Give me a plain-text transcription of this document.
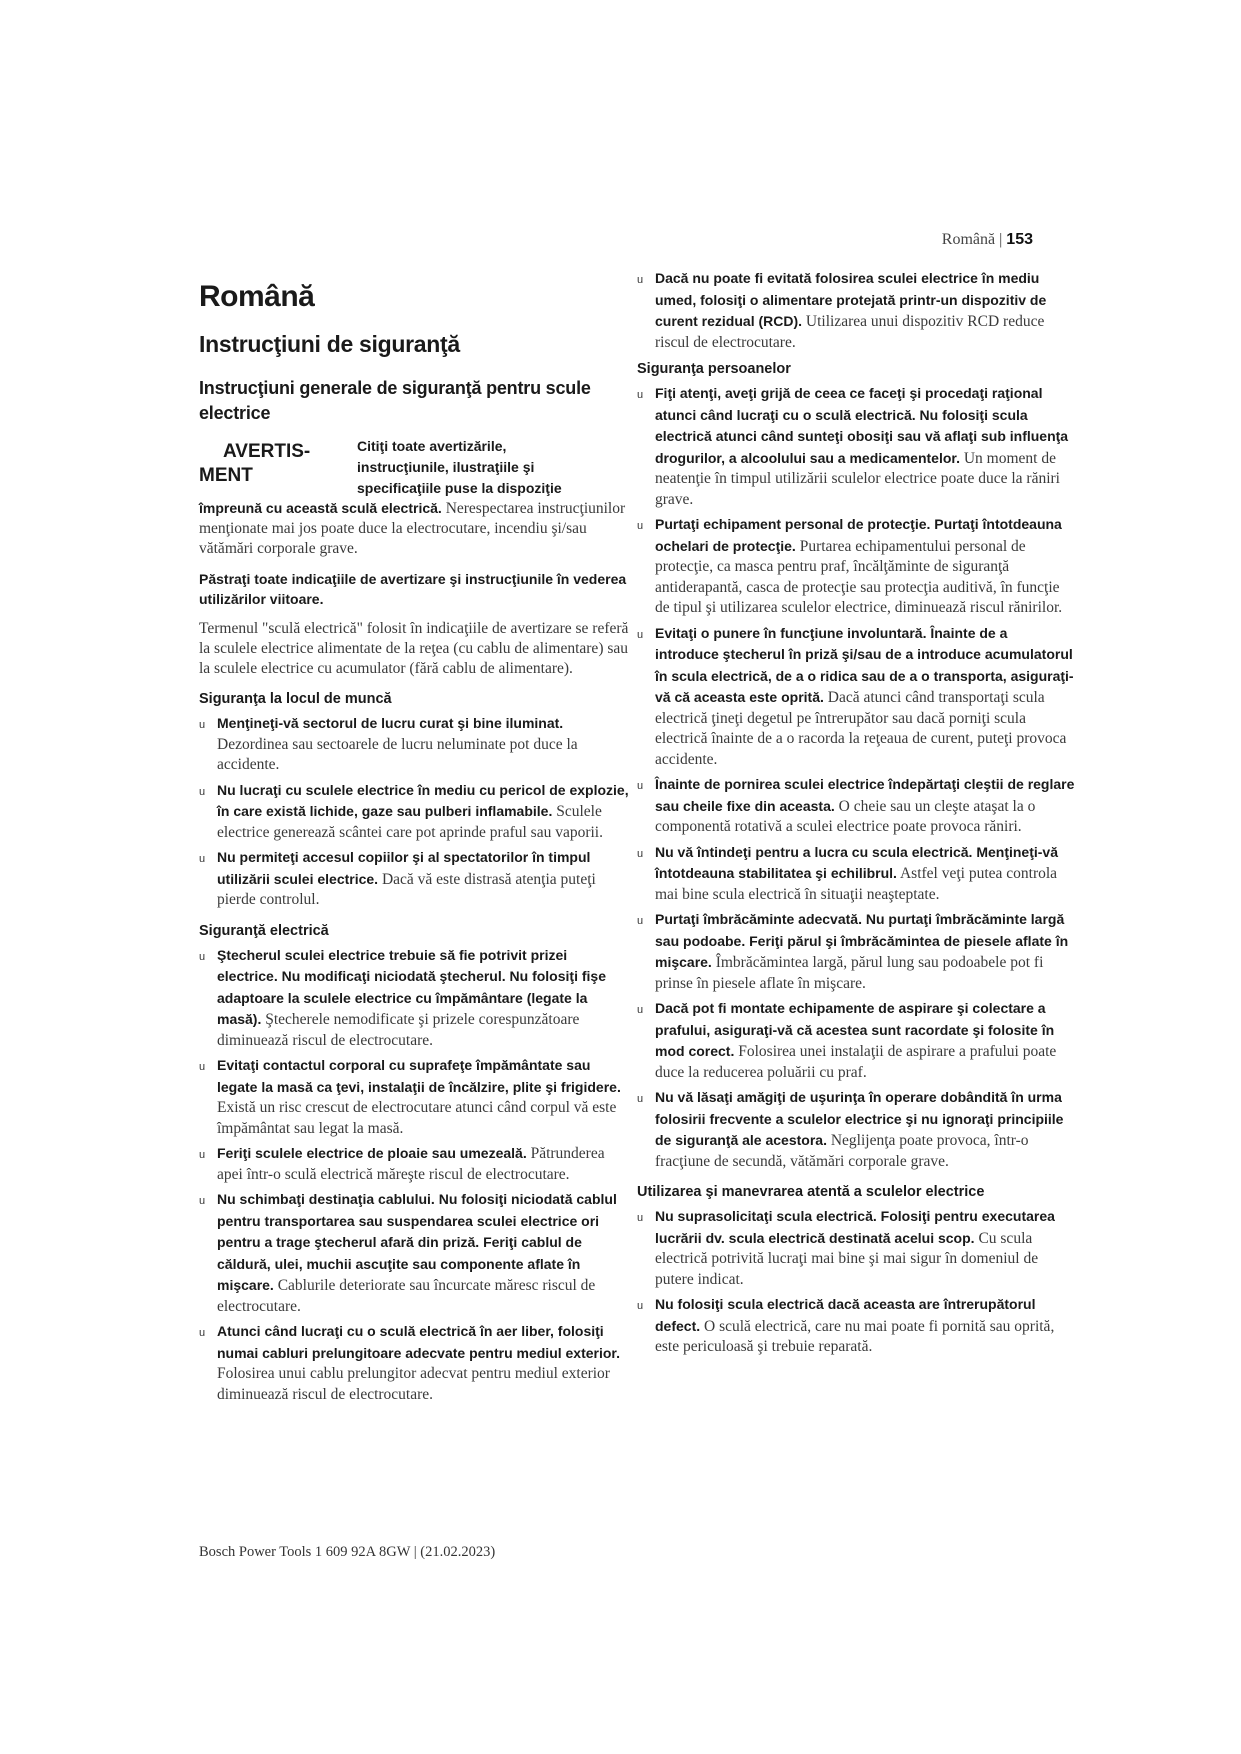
Română | 153
Română
Instrucţiuni de siguranţă
Instrucţiuni generale de siguranţă pentru scule electrice
AVERTIS-
MENT
Citiţi toate avertizările,
instrucţiunile, ilustraţiile şi
specificaţiile puse la dispoziţie

împreună cu această sculă electrică. Nerespectarea instrucţiunilor menţionate mai jos poate duce la electrocutare, incendiu şi/sau vătămări corporale grave.

Păstraţi toate indicaţiile de avertizare şi instrucţiunile în vederea utilizărilor viitoare.

Termenul "sculă electrică" folosit în indicaţiile de avertizare se referă la sculele electrice alimentate de la reţea (cu cablu de alimentare) sau la sculele electrice cu acumulator (fără cablu de alimentare).

Siguranţa la locul de muncă
u Menţineţi-vă sectorul de lucru curat şi bine iluminat. Dezordinea sau sectoarele de lucru neluminate pot duce la accidente.
u Nu lucraţi cu sculele electrice în mediu cu pericol de explozie, în care există lichide, gaze sau pulberi inflamabile. Sculele electrice generează scântei care pot aprinde praful sau vaporii.
u Nu permiteţi accesul copiilor şi al spectatorilor în timpul utilizării sculei electrice. Dacă vă este distrasă atenţia puteţi pierde controlul.
Siguranţă electrică
u Ştecherul sculei electrice trebuie să fie potrivit prizei electrice. Nu modificaţi niciodată ştecherul. Nu folosiţi fişe adaptoare la sculele electrice cu împământare (legate la masă). Ştecherele nemodificate şi prizele corespunzătoare diminuează riscul de electrocutare.
u Evitaţi contactul corporal cu suprafeţe împământate sau legate la masă ca ţevi, instalaţii de încălzire, plite şi frigidere. Există un risc crescut de electrocutare atunci când corpul vă este împământat sau legat la masă.
u Feriţi sculele electrice de ploaie sau umezeală. Pătrunderea apei într-o sculă electrică măreşte riscul de electrocutare.
u Nu schimbaţi destinaţia cablului. Nu folosiţi niciodată cablul pentru transportarea sau suspendarea sculei electrice ori pentru a trage ştecherul afară din priză. Feriţi cablul de căldură, ulei, muchii ascuţite sau componente aflate în mişcare. Cablurile deteriorate sau încurcate măresc riscul de electrocutare.
u Atunci când lucraţi cu o sculă electrică în aer liber, folosiţi numai cabluri prelungitoare adecvate pentru mediul exterior. Folosirea unui cablu prelungitor adecvat pentru mediul exterior diminuează riscul de electrocutare.
u Dacă nu poate fi evitată folosirea sculei electrice în mediu umed, folosiţi o alimentare protejată printr-un dispozitiv de curent rezidual (RCD). Utilizarea unui dispozitiv RCD reduce riscul de electrocutare.
Siguranţa persoanelor
u Fiţi atenţi, aveţi grijă de ceea ce faceţi şi procedaţi raţional atunci când lucraţi cu o sculă electrică. Nu folosiţi scula electrică atunci când sunteţi obosiţi sau vă aflaţi sub influenţa drogurilor, a alcoolului sau a medicamentelor. Un moment de neatenţie în timpul utilizării sculelor electrice poate duce la răniri grave.
u Purtaţi echipament personal de protecţie. Purtaţi întotdeauna ochelari de protecţie. Purtarea echipamentului personal de protecţie, ca masca pentru praf, încălţăminte de siguranţă antiderapantă, casca de protecţie sau protecţia auditivă, în funcţie de tipul şi utilizarea sculelor electrice, diminuează riscul rănirilor.
u Evitaţi o punere în funcţiune involuntară. Înainte de a introduce ştecherul în priză şi/sau de a introduce acumulatorul în scula electrică, de a o ridica sau de a o transporta, asiguraţi-vă că aceasta este oprită. Dacă atunci când transportaţi scula electrică ţineţi degetul pe întrerupător sau dacă porniţi scula electrică înainte de a o racorda la reţeaua de curent, puteţi provoca accidente.
u Înainte de pornirea sculei electrice îndepărtaţi cleştii de reglare sau cheile fixe din aceasta. O cheie sau un cleşte ataşat la o componentă rotativă a sculei electrice poate provoca răniri.
u Nu vă întindeţi pentru a lucra cu scula electrică. Menţineţi-vă întotdeauna stabilitatea şi echilibrul. Astfel veţi putea controla mai bine scula electrică în situaţii neaşteptate.
u Purtaţi îmbrăcăminte adecvată. Nu purtaţi îmbrăcăminte largă sau podoabe. Feriţi părul şi îmbrăcămintea de piesele aflate în mişcare. Îmbrăcămintea largă, părul lung sau podoabele pot fi prinse în piesele aflate în mişcare.
u Dacă pot fi montate echipamente de aspirare şi colectare a prafului, asiguraţi-vă că acestea sunt racordate şi folosite în mod corect. Folosirea unei instalaţii de aspirare a prafului poate duce la reducerea poluării cu praf.
u Nu vă lăsaţi amăgiţi de uşurinţa în operare dobândită în urma folosirii frecvente a sculelor electrice şi nu ignoraţi principiile de siguranţă ale acestora. Neglijenţa poate provoca, într-o fracţiune de secundă, vătămări corporale grave.
Utilizarea şi manevrarea atentă a sculelor electrice
u Nu suprasolicitaţi scula electrică. Folosiţi pentru executarea lucrării dv. scula electrică destinată acelui scop. Cu scula electrică potrivită lucraţi mai bine şi mai sigur în domeniul de putere indicat.
u Nu folosiţi scula electrică dacă aceasta are întrerupătorul defect. O sculă electrică, care nu mai poate fi pornită sau oprită, este periculoasă şi trebuie reparată.
Bosch Power Tools 1 609 92A 8GW | (21.02.2023)
